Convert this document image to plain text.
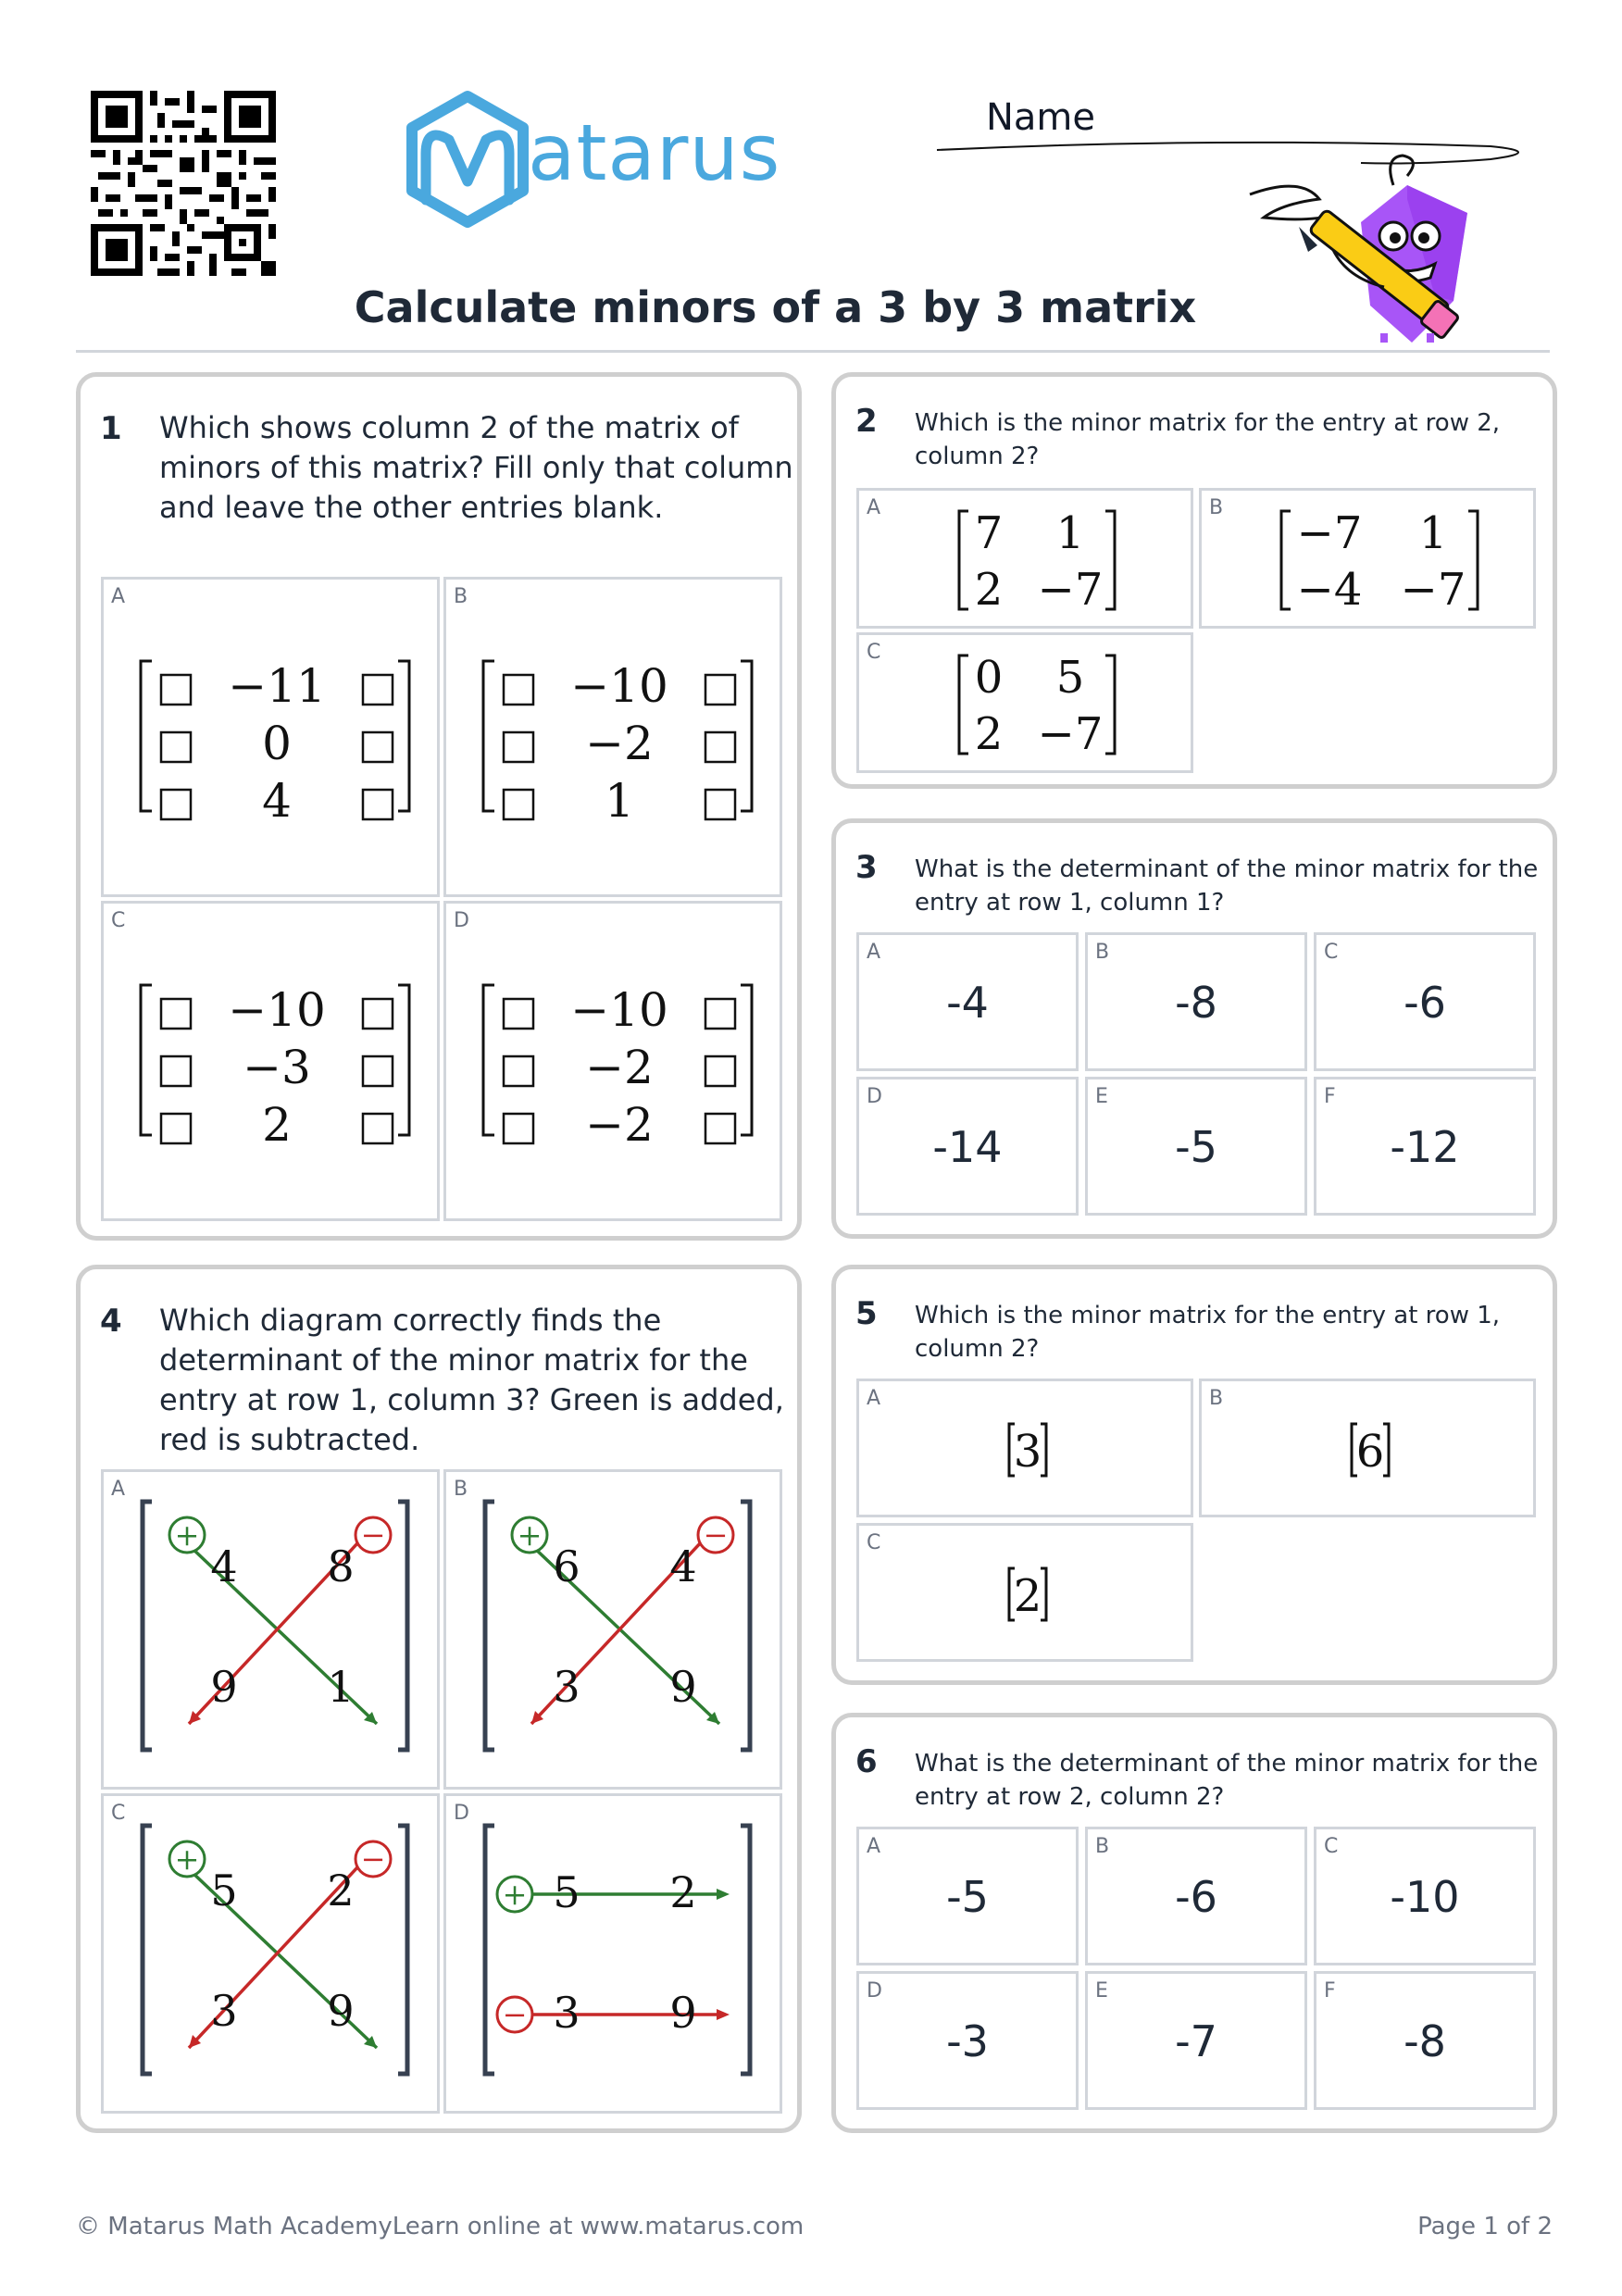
atarus	Name
Calculate minors of a 3 by 3 matrix
1 Which shows column 2 of the matrix of minors of this matrix? Fill only that column and leave the other entries blank.
A
−11
0
4
B
−10
−2
1
C
−10
−3
2
D
−10
−2
−2
2 Which is the minor matrix for the entry at row 2, column 2?
A 7 1
2 −7
B −7 1
−4 −7
C 0 5
2 −7
3 What is the determinant of the minor matrix for the entry at row 1, column 1?
A
-4
B
-8
C
-6
D
-14
E
-5
F
-12
4 Which diagram correctly finds the determinant of the minor matrix for the entry at row 1, column 3? Green is added, red is subtracted.
A
+	−
4 8
9 1
B
+	−
6 4
3 9
C
+	−
5 2
3 9
D
+
−
5 2
3 9
5 Which is the minor matrix for the entry at row 1, column 2?
A
3
B
6
C
2
6 What is the determinant of the minor matrix for the entry at row 2, column 2?
A
-5
B
-6
C
-10
D
-3
E
-7
F
-8
© Matarus Math Academy Learn online at www.matarus.com	Page 1 of 2
